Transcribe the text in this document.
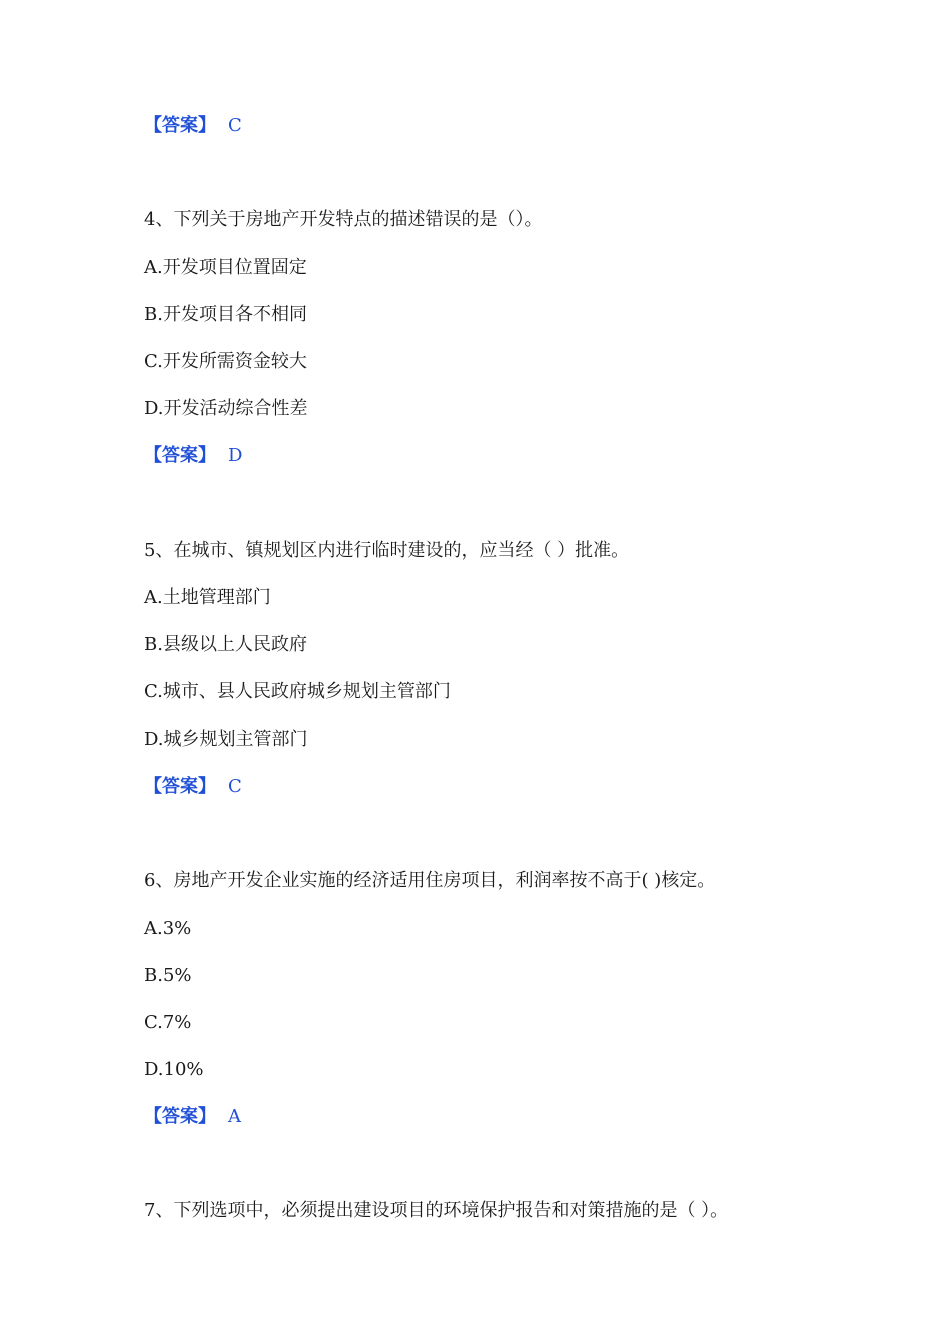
【答案】 C
4、下列关于房地产开发特点的描述错误的是（）。
A.开发项目位置固定
B.开发项目各不相同
C.开发所需资金较大
D.开发活动综合性差
【答案】 D
5、在城市、镇规划区内进行临时建设的，应当经（ ）批准。
A.土地管理部门
B.县级以上人民政府
C.城市、县人民政府城乡规划主管部门
D.城乡规划主管部门
【答案】 C
6、房地产开发企业实施的经济适用住房项目，利润率按不高于( )核定。
A.3%
B.5%
C.7%
D.10%
【答案】 A
7、下列选项中，必须提出建设项目的环境保护报告和对策措施的是（ ）。
